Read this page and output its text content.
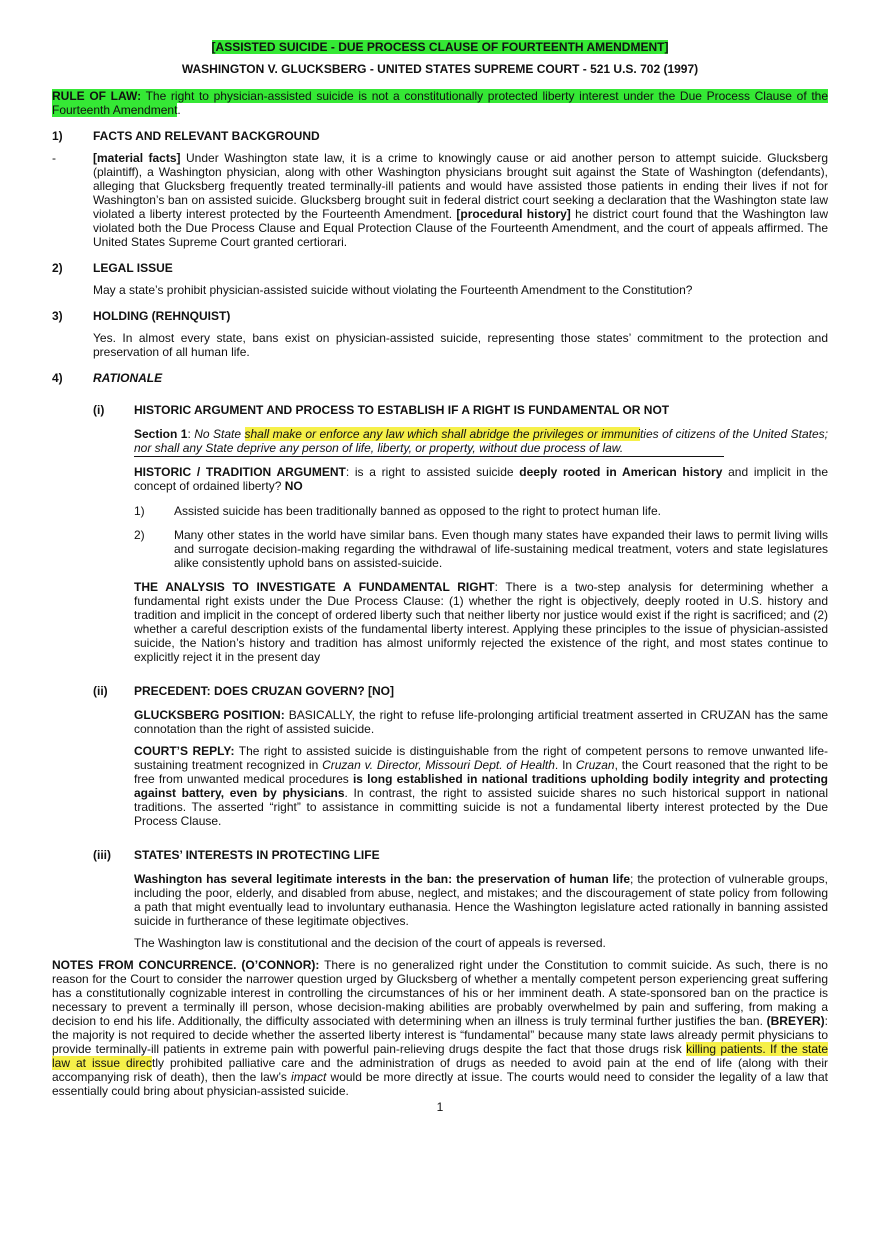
[ASSISTED SUICIDE - DUE PROCESS CLAUSE OF FOURTEENTH AMENDMENT]
WASHINGTON V. GLUCKSBERG - UNITED STATES SUPREME COURT - 521 U.S. 702 (1997)

RULE OF LAW: The right to physician-assisted suicide is not a constitutionally protected liberty interest under the Due Process Clause of the Fourteenth Amendment.

1)	FACTS AND RELEVANT BACKGROUND
-	[material facts] Under Washington state law, it is a crime to knowingly cause or aid another person to attempt suicide. Glucksberg (plaintiff), a Washington physician, along with other Washington physicians brought suit against the State of Washington (defendants), alleging that Glucksberg frequently treated terminally-ill patients and would have assisted those patients in ending their lives if not for Washington’s ban on assisted suicide. Glucksberg brought suit in federal district court seeking a declaration that the Washington state law violated a liberty interest protected by the Fourteenth Amendment. [procedural history] he district court found that the Washington law violated both the Due Process Clause and Equal Protection Clause of the Fourteenth Amendment, and the court of appeals affirmed. The United States Supreme Court granted certiorari.

2)	LEGAL ISSUE

May a state’s prohibit physician-assisted suicide without violating the Fourteenth Amendment to the Constitution?

3)	HOLDING (REHNQUIST)

Yes. In almost every state, bans exist on physician-assisted suicide, representing those states’ commitment to the protection and preservation of all human life.

4)	RATIONALE
(i)	HISTORIC ARGUMENT AND PROCESS TO ESTABLISH IF A RIGHT IS FUNDAMENTAL OR NOT

Section 1: No State shall make or enforce any law which shall abridge the privileges or immunities of citizens of the United States; nor shall any State deprive any person of life, liberty, or property, without due process of law.

HISTORIC / TRADITION ARGUMENT: is a right to assisted suicide deeply rooted in American history and implicit in the concept of ordained liberty? NO

1)	Assisted suicide has been traditionally banned as opposed to the right to protect human life.

2)	Many other states in the world have similar bans. Even though many states have expanded their laws to permit living wills and surrogate decision-making regarding the withdrawal of life-sustaining medical treatment, voters and state legislatures alike consistently uphold bans on assisted-suicide.

THE ANALYSIS TO INVESTIGATE A FUNDAMENTAL RIGHT: There is a two-step analysis for determining whether a fundamental right exists under the Due Process Clause: (1) whether the right is objectively, deeply rooted in U.S. history and tradition and implicit in the concept of ordered liberty such that neither liberty nor justice would exist if the right is sacrificed; and (2) whether a careful description exists of the fundamental liberty interest. Applying these principles to the issue of physician-assisted suicide, the Nation’s history and tradition has almost uniformly rejected the existence of the right, and most states continue to explicitly reject it in the present day

(ii)	PRECEDENT: DOES CRUZAN GOVERN? [NO]

GLUCKSBERG POSITION: BASICALLY, the right to refuse life-prolonging artificial treatment asserted in CRUZAN has the same connotation than the right of assisted suicide.

COURT’S REPLY: The right to assisted suicide is distinguishable from the right of competent persons to remove unwanted life-sustaining treatment recognized in Cruzan v. Director, Missouri Dept. of Health. In Cruzan, the Court reasoned that the right to be free from unwanted medical procedures is long established in national traditions upholding bodily integrity and protecting against battery, even by physicians. In contrast, the right to assisted suicide shares no such historical support in national traditions. The asserted “right” to assistance in committing suicide is not a fundamental liberty interest protected by the Due Process Clause.

(iii)	STATES’ INTERESTS IN PROTECTING LIFE

Washington has several legitimate interests in the ban: the preservation of human life; the protection of vulnerable groups, including the poor, elderly, and disabled from abuse, neglect, and mistakes; and the discouragement of state policy from following a path that might eventually lead to involuntary euthanasia. Hence the Washington legislature acted rationally in banning assisted suicide in furtherance of these legitimate objectives.

The Washington law is constitutional and the decision of the court of appeals is reversed.

NOTES FROM CONCURRENCE. (O’CONNOR): There is no generalized right under the Constitution to commit suicide. As such, there is no reason for the Court to consider the narrower question urged by Glucksberg of whether a mentally competent person experiencing great suffering has a constitutionally cognizable interest in controlling the circumstances of his or her imminent death. A state-sponsored ban on the practice is necessary to prevent a terminally ill person, whose decision-making abilities are probably overwhelmed by pain and suffering, from making a decision to end his life. Additionally, the difficulty associated with determining when an illness is truly terminal further justifies the ban. (BREYER): the majority is not required to decide whether the asserted liberty interest is “fundamental” because many state laws already permit physicians to provide terminally-ill patients in extreme pain with powerful pain-relieving drugs despite the fact that those drugs risk killing patients. If the state law at issue directly prohibited palliative care and the administration of drugs as needed to avoid pain at the end of life (along with their accompanying risk of death), then the law’s impact would be more directly at issue. The courts would need to consider the legality of a law that essentially could bring about physician-assisted suicide.

1
